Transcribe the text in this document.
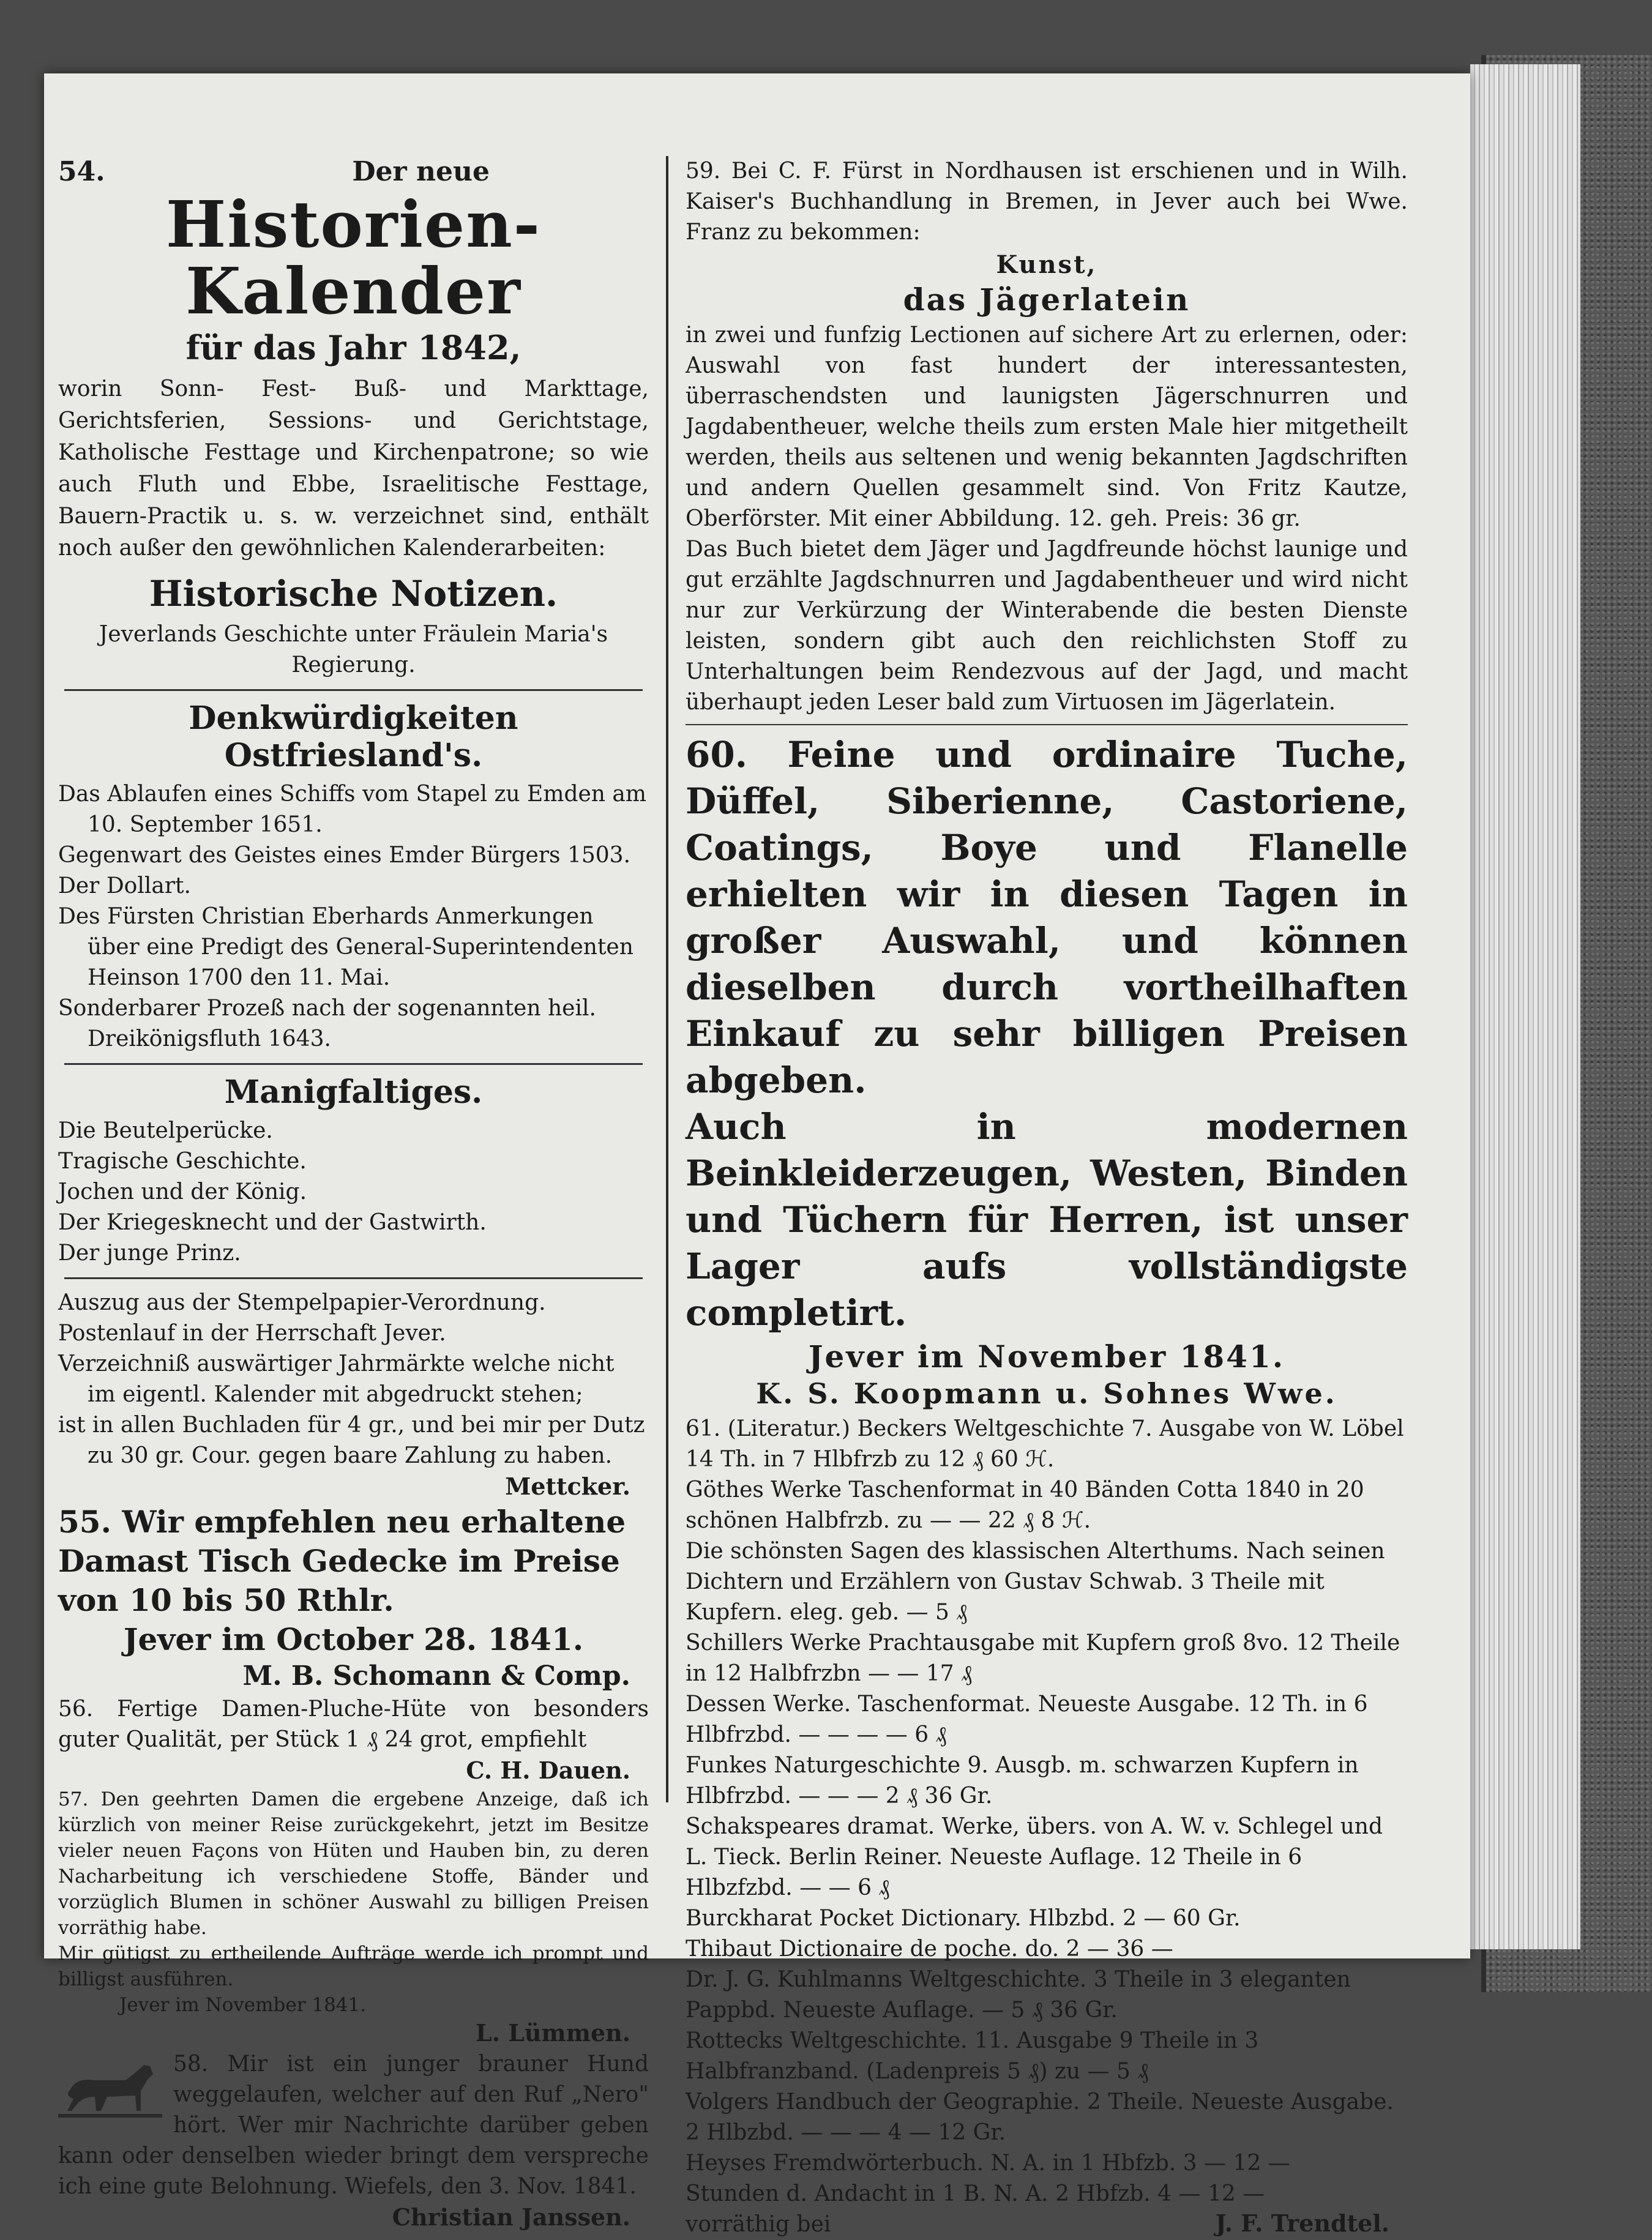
54.	Der neue
Historien-Kalender
für das Jahr 1842,

worin Sonn- Fest- Buß- und Markttage, Gerichtsferien, Sessions- und Gerichtstage, Katholische Festtage und Kirchenpatrone; so wie auch Fluth und Ebbe, Israelitische Festtage, Bauern-Practik u. s. w. verzeichnet sind, enthält noch außer den gewöhnlichen Kalenderarbeiten:

Historische Notizen.

Jeverlands Geschichte unter Fräulein Maria's Regierung.

Denkwürdigkeiten Ostfriesland's.

Das Ablaufen eines Schiffs vom Stapel zu Emden am 10. September 1651.

Gegenwart des Geistes eines Emder Bürgers 1503.

Der Dollart.

Des Fürsten Christian Eberhards Anmerkungen über eine Predigt des General-Superintendenten Heinson 1700 den 11. Mai.

Sonderbarer Prozeß nach der sogenannten heil. Dreikönigsfluth 1643.

Manigfaltiges.

Die Beutelperücke.

Tragische Geschichte.

Jochen und der König.

Der Kriegesknecht und der Gastwirth.

Der junge Prinz.

Auszug aus der Stempelpapier-Verordnung.

Postenlauf in der Herrschaft Jever.

Verzeichniß auswärtiger Jahrmärkte welche nicht im eigentl. Kalender mit abgedruckt stehen;

ist in allen Buchladen für 4 gr., und bei mir per Dutz zu 30 gr. Cour. gegen baare Zahlung zu haben.

Mettcker.

55. Wir empfehlen neu erhaltene Damast Tisch Gedecke im Preise von 10 bis 50 Rthlr.

Jever im October 28. 1841.

M. B. Schomann & Comp.

56. Fertige Damen-Pluche-Hüte von besonders guter Qualität, per Stück 1 ₰ 24 grot, empfiehlt

C. H. Dauen.

57. Den geehrten Damen die ergebene Anzeige, daß ich kürzlich von meiner Reise zurückgekehrt, jetzt im Besitze vieler neuen Façons von Hüten und Hauben bin, zu deren Nacharbeitung ich verschiedene Stoffe, Bänder und vorzüglich Blumen in schöner Auswahl zu billigen Preisen vorräthig habe.

Mir gütigst zu ertheilende Aufträge werde ich prompt und billigst ausführen.

Jever im November 1841.

L. Lümmen.

58. Mir ist ein junger brauner Hund weggelaufen, welcher auf den Ruf „Nero" hört. Wer mir Nachrichte darüber geben kann oder denselben wieder bringt dem verspreche ich eine gute Belohnung. Wiefels, den 3. Nov. 1841.

Christian Janssen.

59. Bei C. F. Fürst in Nordhausen ist erschienen und in Wilh. Kaiser's Buchhandlung in Bremen, in Jever auch bei Wwe. Franz zu bekommen:

Kunst,
das Jägerlatein

in zwei und funfzig Lectionen auf sichere Art zu erlernen, oder: Auswahl von fast hundert der interessantesten, überraschendsten und launigsten Jägerschnurren und Jagdabentheuer, welche theils zum ersten Male hier mitgetheilt werden, theils aus seltenen und wenig bekannten Jagdschriften und andern Quellen gesammelt sind. Von Fritz Kautze, Oberförster. Mit einer Abbildung. 12. geh. Preis: 36 gr.

Das Buch bietet dem Jäger und Jagdfreunde höchst launige und gut erzählte Jagdschnurren und Jagdabentheuer und wird nicht nur zur Verkürzung der Winterabende die besten Dienste leisten, sondern gibt auch den reichlichsten Stoff zu Unterhaltungen beim Rendezvous auf der Jagd, und macht überhaupt jeden Leser bald zum Virtuosen im Jägerlatein.

60. Feine und ordinaire Tuche, Düffel, Siberienne, Castoriene, Coatings, Boye und Flanelle erhielten wir in diesen Tagen in großer Auswahl, und können dieselben durch vortheilhaften Einkauf zu sehr billigen Preisen abgeben.

Auch in modernen Beinkleiderzeugen, Westen, Binden und Tüchern für Herren, ist unser Lager aufs vollständigste completirt.

Jever im November 1841.
K. S. Koopmann u. Sohnes Wwe.

61. (Literatur.) Beckers Weltgeschichte 7. Ausgabe von W. Löbel 14 Th. in 7 Hlbfrzb zu 12 ₰ 60 ℋ.

Göthes Werke Taschenformat in 40 Bänden Cotta 1840 in 20 schönen Halbfrzb. zu — — 22 ₰ 8 ℋ.

Die schönsten Sagen des klassischen Alterthums. Nach seinen Dichtern und Erzählern von Gustav Schwab. 3 Theile mit Kupfern. eleg. geb. — 5 ₰

Schillers Werke Prachtausgabe mit Kupfern groß 8vo. 12 Theile in 12 Halbfrzbn — — 17 ₰

Dessen Werke. Taschenformat. Neueste Ausgabe. 12 Th. in 6 Hlbfrzbd. — — — — 6 ₰

Funkes Naturgeschichte 9. Ausgb. m. schwarzen Kupfern in Hlbfrzbd. — — — 2 ₰ 36 Gr.

Schakspeares dramat. Werke, übers. von A. W. v. Schlegel und L. Tieck. Berlin Reiner. Neueste Auflage. 12 Theile in 6 Hlbzfzbd. — — 6 ₰

Burckharat Pocket Dictionary. Hlbzbd. 2 — 60 Gr.

Thibaut Dictionaire de poche. do. 2 — 36 —

Dr. J. G. Kuhlmanns Weltgeschichte. 3 Theile in 3 eleganten Pappbd. Neueste Auflage. — 5 ₰ 36 Gr.

Rottecks Weltgeschichte. 11. Ausgabe 9 Theile in 3 Halbfranzband. (Ladenpreis 5 ₰) zu — 5 ₰

Volgers Handbuch der Geographie. 2 Theile. Neueste Ausgabe. 2 Hlbzbd. — — — 4 — 12 Gr.

Heyses Fremdwörterbuch. N. A. in 1 Hbfzb. 3 — 12 —

Stunden d. Andacht in 1 B. N. A. 2 Hbfzb. 4 — 12 —

vorräthig bei	J. F. Trendtel.
